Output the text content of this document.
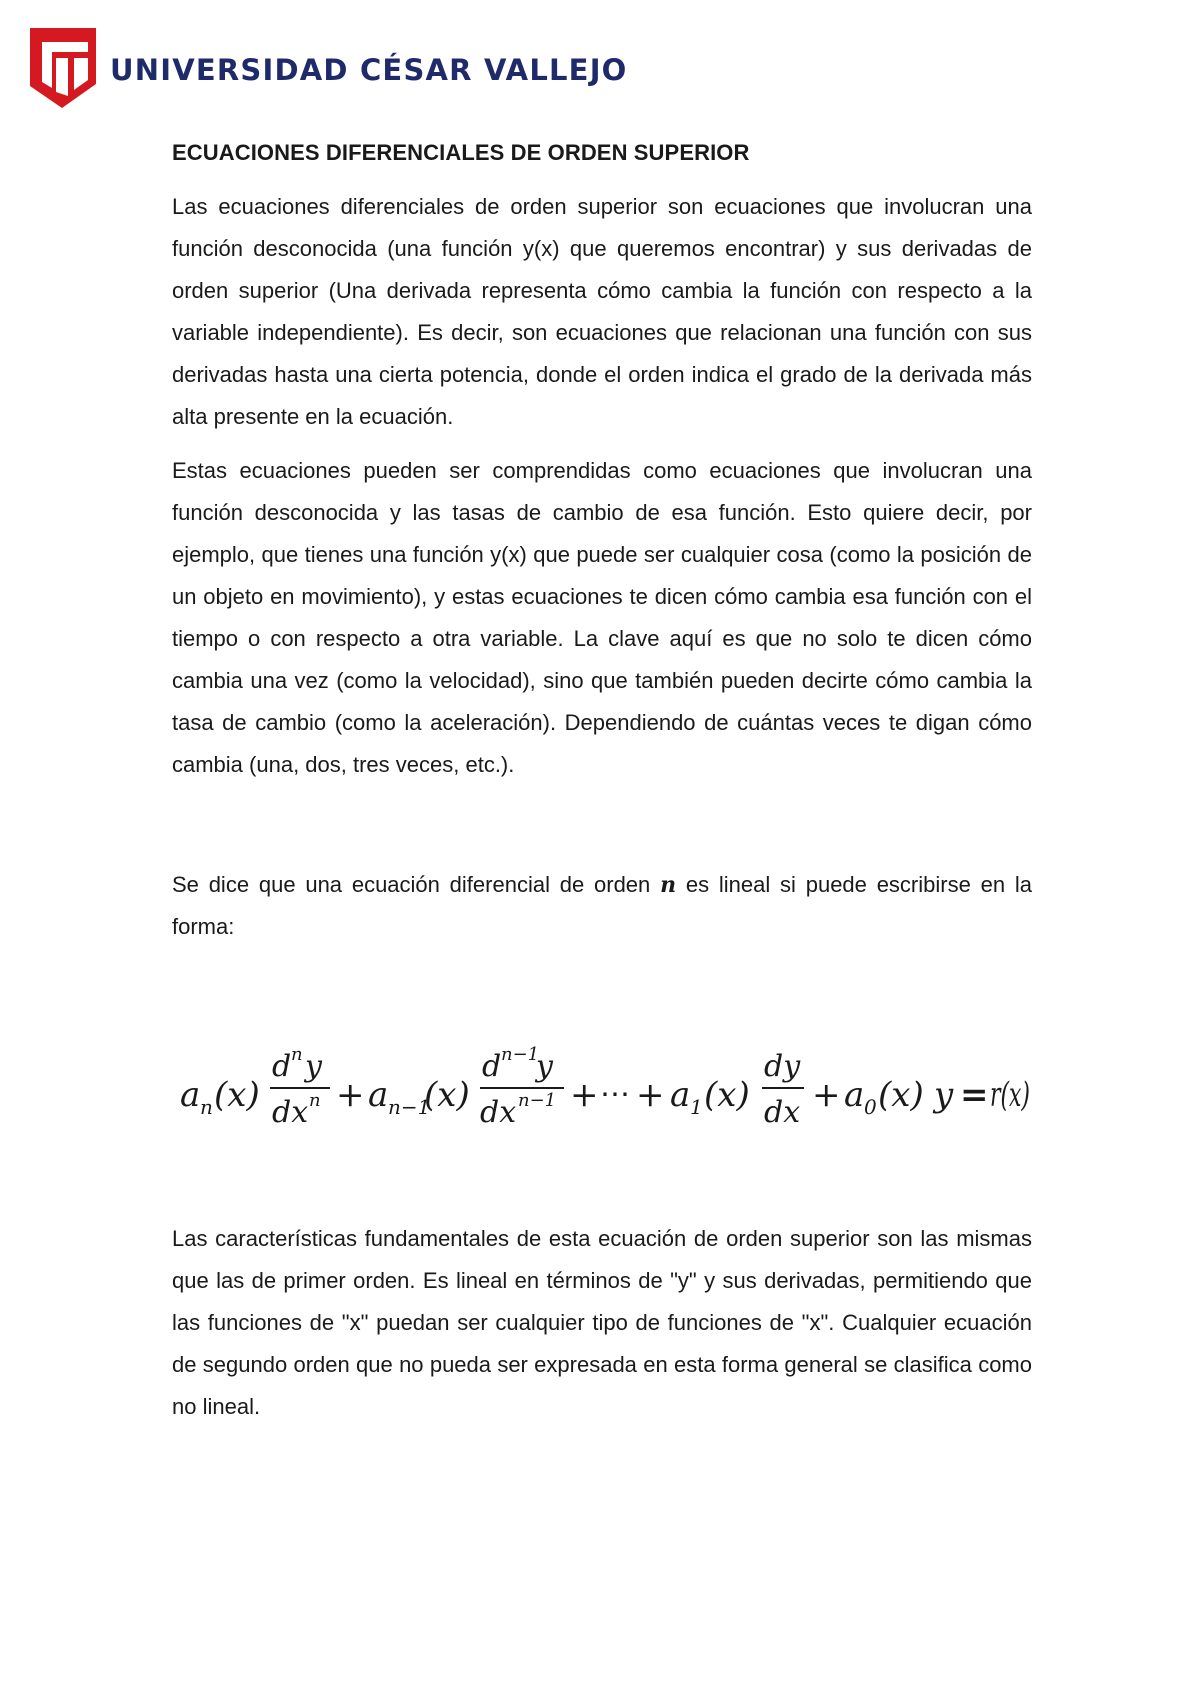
UNIVERSIDAD CÉSAR VALLEJO
ECUACIONES DIFERENCIALES DE ORDEN SUPERIOR

Las ecuaciones diferenciales de orden superior son ecuaciones que involucran una función desconocida (una función y(x) que queremos encontrar) y sus derivadas de orden superior (Una derivada representa cómo cambia la función con respecto a la variable independiente). Es decir, son ecuaciones que relacionan una función con sus derivadas hasta una cierta potencia, donde el orden indica el grado de la derivada más alta presente en la ecuación.

Estas ecuaciones pueden ser comprendidas como ecuaciones que involucran una función desconocida y las tasas de cambio de esa función. Esto quiere decir, por ejemplo, que tienes una función y(x) que puede ser cualquier cosa (como la posición de un objeto en movimiento), y estas ecuaciones te dicen cómo cambia esa función con el tiempo o con respecto a otra variable. La clave aquí es que no solo te dicen cómo cambia una vez (como la velocidad), sino que también pueden decirte cómo cambia la tasa de cambio (como la aceleración). Dependiendo de cuántas veces te digan cómo cambia (una, dos, tres veces, etc.).

Se dice que una ecuación diferencial de orden n es lineal si puede escribirse en la forma:

a n (x)
d n y
dx n + a n−1
(x)
d n−1
y
dx n−1 + ⋯ + a 1 (x)
dy
dx + a 0 (x) y = r(x)

Las características fundamentales de esta ecuación de orden superior son las mismas que las de primer orden. Es lineal en términos de "y" y sus derivadas, permitiendo que las funciones de "x" puedan ser cualquier tipo de funciones de "x". Cualquier ecuación de segundo orden que no pueda ser expresada en esta forma general se clasifica como no lineal.
